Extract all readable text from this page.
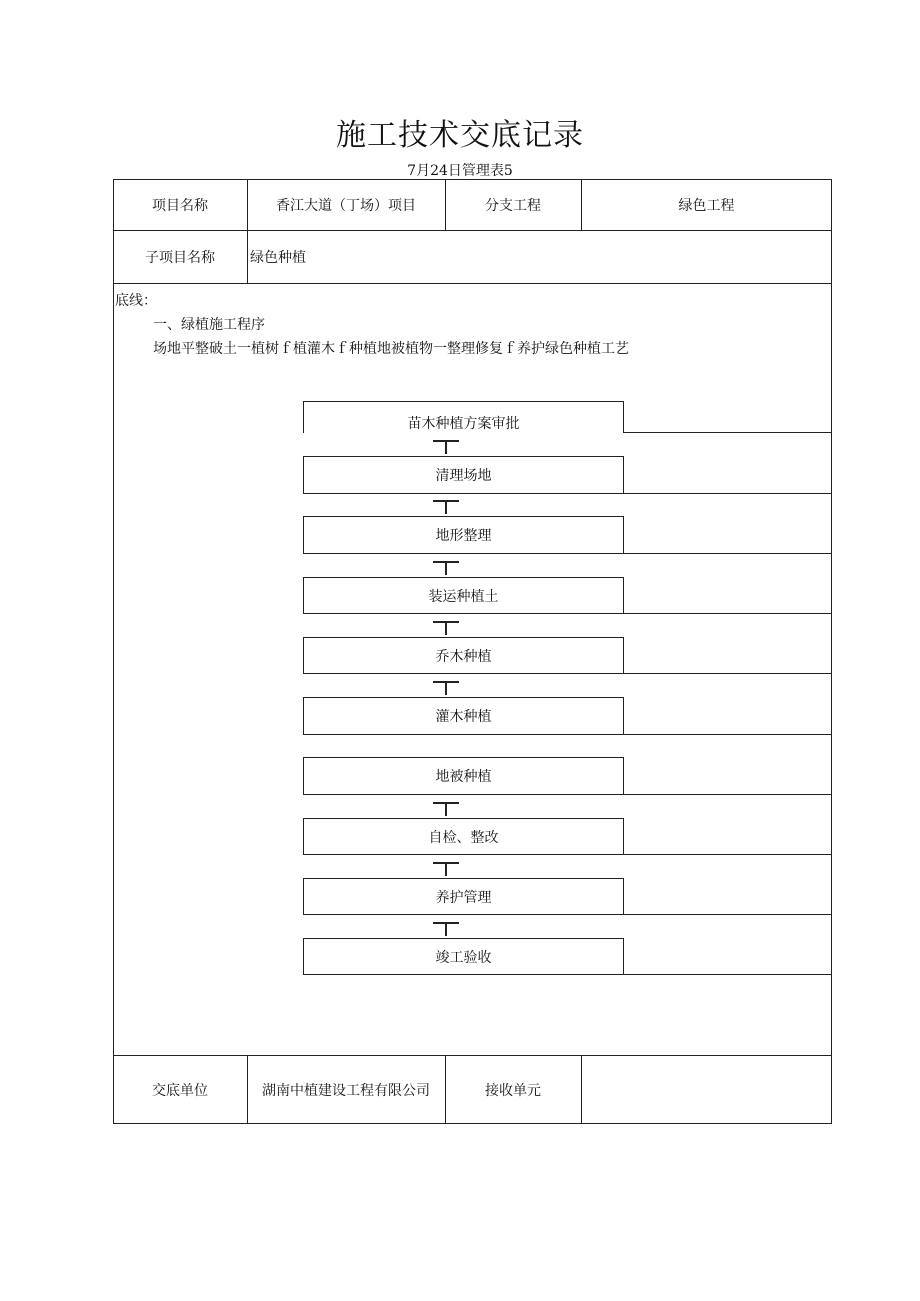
施工技术交底记录
7月24日管理表5
项目名称	香江大道（丁场）项目	分支工程	绿色工程
子项目名称	绿色种植
底线：
一、绿植施工程序
场地平整破土一植树ｆ植灌木ｆ种植地被植物一整理修复ｆ养护绿色种植工艺
苗木种植方案审批
清理场地
地形整理
装运种植土
乔木种植
灌木种植
地被种植
自检、整改
养护管理
竣工验收
交底单位	湖南中植建设工程有限公司	接收单元
